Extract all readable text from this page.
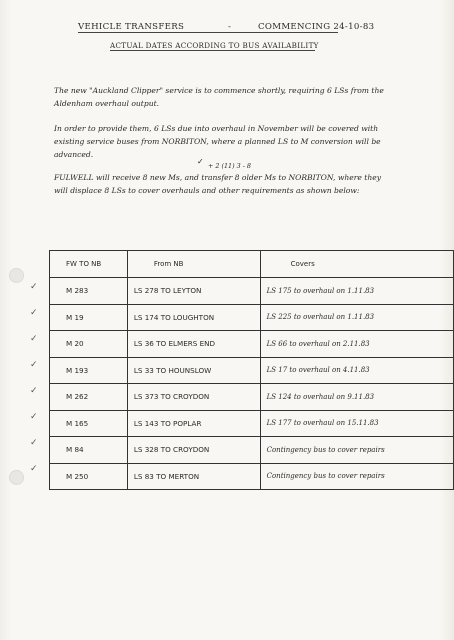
VEHICLE TRANSFERS	-	COMMENCING 24-10-83
ACTUAL DATES ACCORDING TO BUS AVAILABILITY
The new "Auckland Clipper" service is to commence shortly, requiring 6 LSs from the Aldenham overhaul output.
In order to provide them, 6 LSs due into overhaul in November will be covered with existing service buses from NORBITON, where a planned LS to M conversion will be advanced.
✓ + 2 (11) 3 - 8
FULWELL will receive 8 new Ms, and transfer 8 older Ms to NORBITON, where they will displace 8 LSs to cover overhauls and other requirements as shown below:
✓
✓
✓
✓
✓
✓
✓
✓
FW TO NB	From NB	Covers
M 283	LS 278 TO LEYTON	LS 175 to overhaul on 1.11.83
M 19	LS 174 TO LOUGHTON	LS 225 to overhaul on 1.11.83
M 20	LS 36 TO ELMERS END	LS 66 to overhaul on 2.11.83
M 193	LS 33 TO HOUNSLOW	LS 17 to overhaul on 4.11.83
M 262	LS 373 TO CROYDON	LS 124 to overhaul on 9.11.83
M 165	LS 143 TO POPLAR	LS 177 to overhaul on 15.11.83
M 84	LS 328 TO CROYDON	Contingency bus to cover repairs
M 250	LS 83 TO MERTON	Contingency bus to cover repairs
